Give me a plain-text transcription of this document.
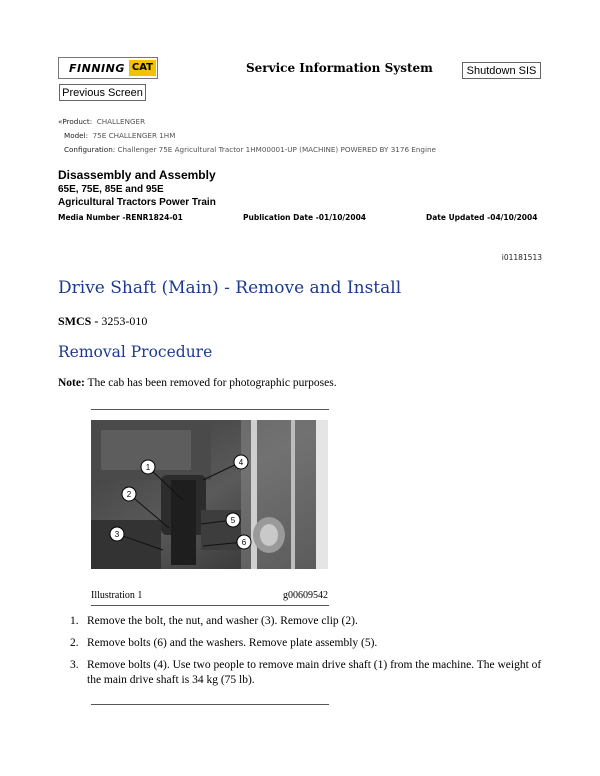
FINNING CAT	Service Information System	Shutdown SIS
Previous Screen
«Product: CHALLENGER
Model: 75E CHALLENGER 1HM
Configuration: Challenger 75E Agricultural Tractor 1HM00001-UP (MACHINE) POWERED BY 3176 Engine
Disassembly and Assembly
65E, 75E, 85E and 95E
Agricultural Tractors Power Train
Media Number -RENR1824-01	Publication Date -01/10/2004	Date Updated -04/10/2004
i01181513
Drive Shaft (Main) - Remove and Install
SMCS - 3253-010
Removal Procedure
Note: The cab has been removed for photographic purposes.
1
2
3
4
5
6
Illustration 1	g00609542
1. Remove the bolt, the nut, and washer (3). Remove clip (2).
2. Remove bolts (6) and the washers. Remove plate assembly (5).
3. Remove bolts (4). Use two people to remove main drive shaft (1) from the machine. The weight of the main drive shaft is 34 kg (75 lb).
